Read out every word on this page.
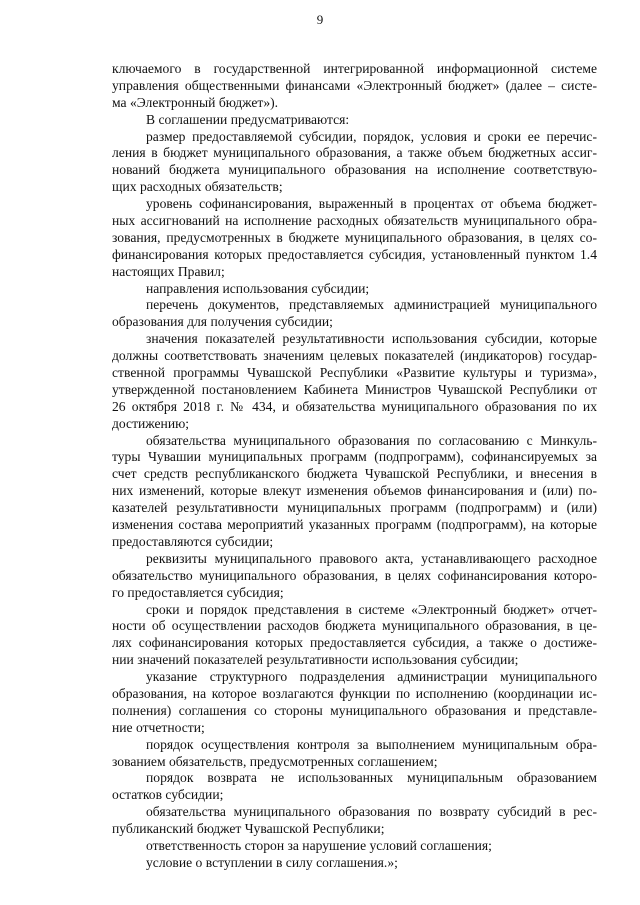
9
ключаемого в государственной интегрированной информационной системе
управления общественными финансами «Электронный бюджет» (далее – систе-
ма «Электронный бюджет»).
В соглашении предусматриваются:
размер предоставляемой субсидии, порядок, условия и сроки ее перечис-
ления в бюджет муниципального образования, а также объем бюджетных ассиг-
нований бюджета муниципального образования на исполнение соответствую-
щих расходных обязательств;
уровень софинансирования, выраженный в процентах от объема бюджет-
ных ассигнований на исполнение расходных обязательств муниципального обра-
зования, предусмотренных в бюджете муниципального образования, в целях со-
финансирования которых предоставляется субсидия, установленный пунктом 1.4
настоящих Правил;
направления использования субсидии;
перечень документов, представляемых администрацией муниципального
образования для получения субсидии;
значения показателей результативности использования субсидии, которые
должны соответствовать значениям целевых показателей (индикаторов) государ-
ственной программы Чувашской Республики «Развитие культуры и туризма»,
утвержденной постановлением Кабинета Министров Чувашской Республики от
26 октября 2018 г. № 434, и обязательства муниципального образования по их
достижению;
обязательства муниципального образования по согласованию с Минкуль-
туры Чувашии муниципальных программ (подпрограмм), софинансируемых за
счет средств республиканского бюджета Чувашской Республики, и внесения в
них изменений, которые влекут изменения объемов финансирования и (или) по-
казателей результативности муниципальных программ (подпрограмм) и (или)
изменения состава мероприятий указанных программ (подпрограмм), на которые
предоставляются субсидии;
реквизиты муниципального правового акта, устанавливающего расходное
обязательство муниципального образования, в целях софинансирования которо-
го предоставляется субсидия;
сроки и порядок представления в системе «Электронный бюджет» отчет-
ности об осуществлении расходов бюджета муниципального образования, в це-
лях софинансирования которых предоставляется субсидия, а также о достиже-
нии значений показателей результативности использования субсидии;
указание структурного подразделения администрации муниципального
образования, на которое возлагаются функции по исполнению (координации ис-
полнения) соглашения со стороны муниципального образования и представле-
ние отчетности;
порядок осуществления контроля за выполнением муниципальным обра-
зованием обязательств, предусмотренных соглашением;
порядок возврата не использованных муниципальным образованием
остатков субсидии;
обязательства муниципального образования по возврату субсидий в рес-
публиканский бюджет Чувашской Республики;
ответственность сторон за нарушение условий соглашения;
условие о вступлении в силу соглашения.»;
